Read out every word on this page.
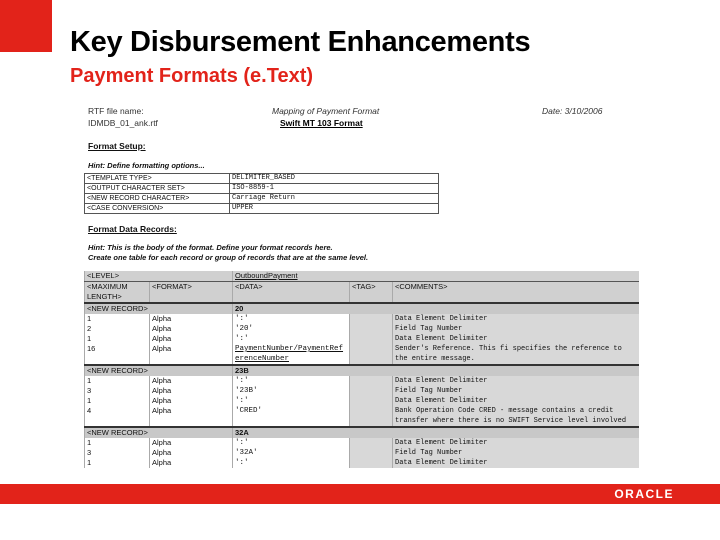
Key Disbursement Enhancements
Payment Formats (e.Text)
RTF file name:
IDMDB_01_ank.rtf
Mapping of Payment Format
Swift MT 103 Format
Date: 3/10/2006
Format Setup:
Hint: Define formatting options...
<TEMPLATE TYPE>	DELIMITER_BASED
<OUTPUT CHARACTER SET>	ISO-8859-1
<NEW RECORD CHARACTER>	Carriage Return
<CASE CONVERSION>	UPPER
Format Data Records:
Hint: This is the body of the format. Define your format records here.
Create one table for each record or group of records that are at the same level.
<LEVEL>		OutboundPayment		
<MAXIMUM LENGTH>	<FORMAT>	<DATA>	<TAG>	<COMMENTS>
<NEW RECORD>		20		
1	Alpha	':'		Data Element Delimiter
2	Alpha	'20'		Field Tag Number
1	Alpha	':'		Data Element Delimiter
16	Alpha	PaymentNumber/PaymentRef erenceNumber		Sender's Reference. This fi specifies the reference to the entire message.
<NEW RECORD>		23B		
1	Alpha	':'		Data Element Delimiter
3	Alpha	'23B'		Field Tag Number
1	Alpha	':'		Data Element Delimiter
4	Alpha	'CRED'		Bank Operation Code CRED - message contains a credit transfer where there is no SWIFT Service level involved
<NEW RECORD>		32A		
1	Alpha	':'		Data Element Delimiter
3	Alpha	'32A'		Field Tag Number
1	Alpha	':'		Data Element Delimiter
ORACLE
